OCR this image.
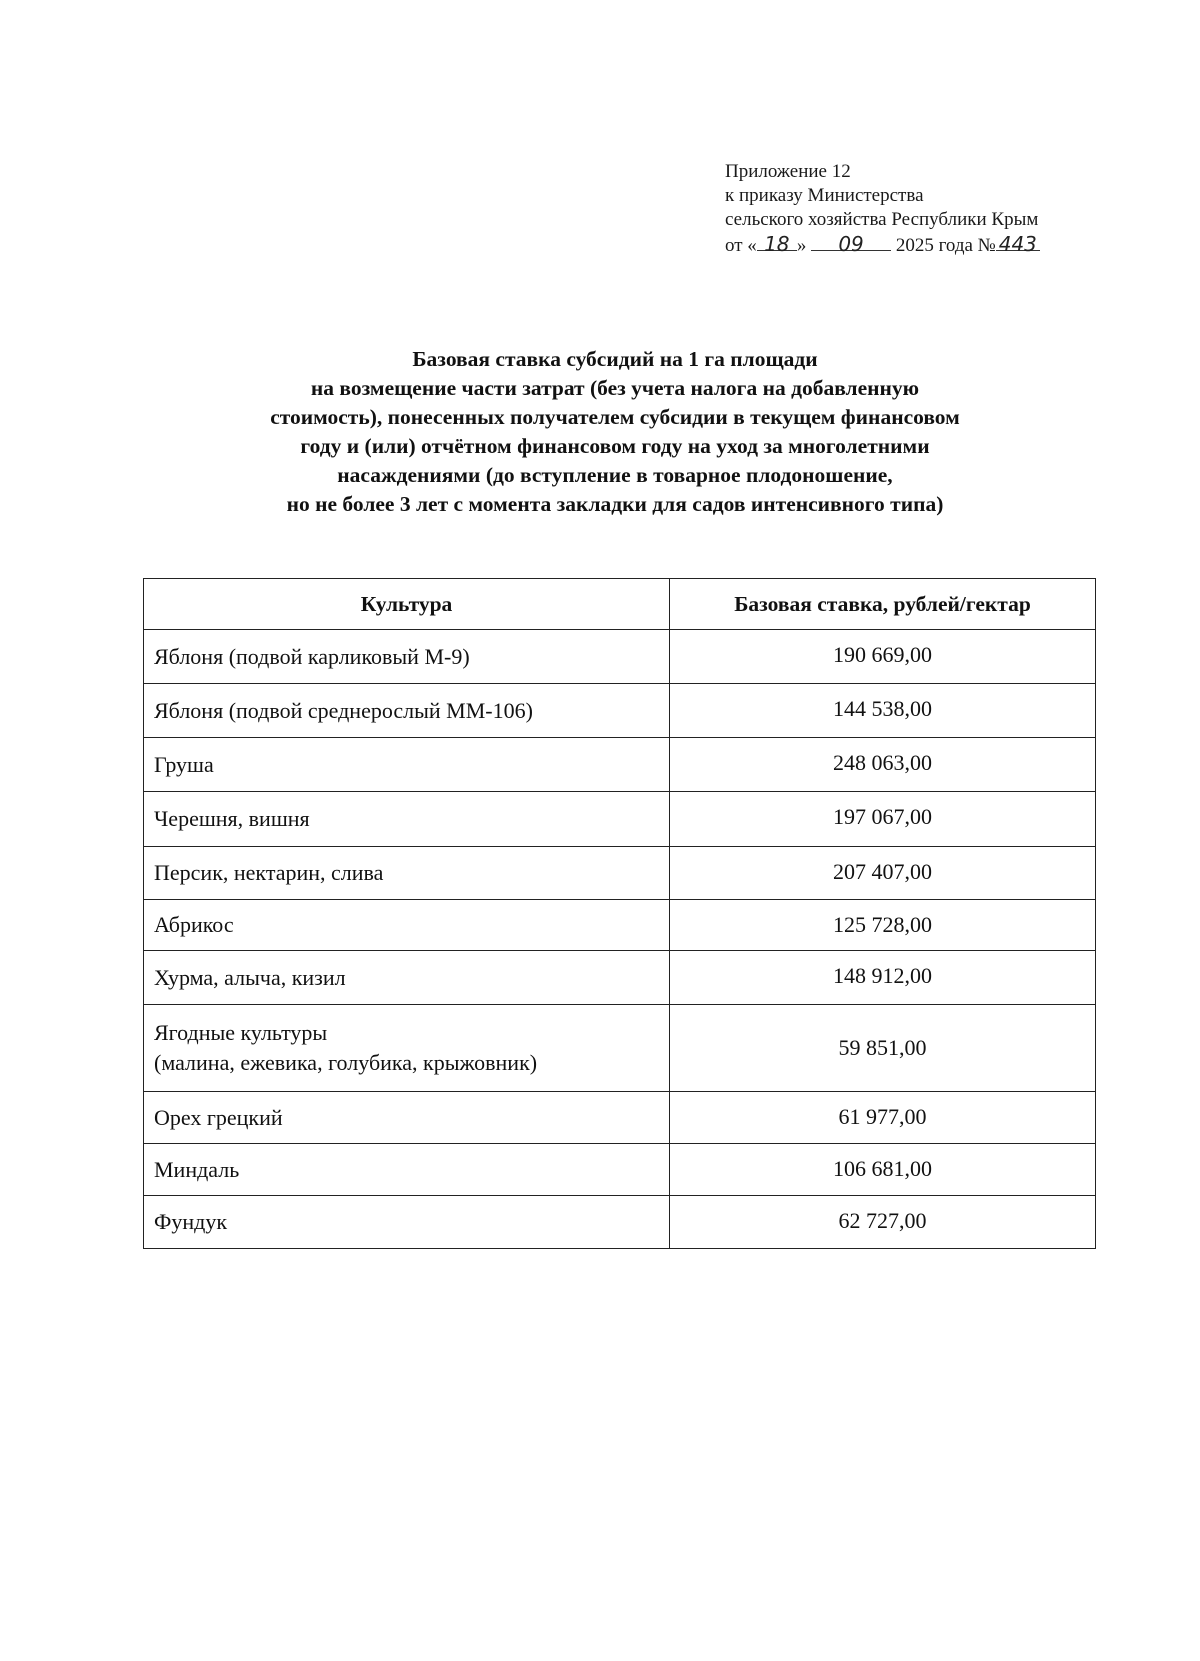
Приложение 12
к приказу Министерства
сельского хозяйства Республики Крым
от « 18 » 09 2025 года № 443
Базовая ставка субсидий на 1 га площади
на возмещение части затрат (без учета налога на добавленную
стоимость), понесенных получателем субсидии в текущем финансовом
году и (или) отчётном финансовом году на уход за многолетними
насаждениями (до вступление в товарное плодоношение,
но не более 3 лет с момента закладки для садов интенсивного типа)
Культура	Базовая ставка, рублей/гектар
Яблоня (подвой карликовый М-9)	190 669,00
Яблоня (подвой среднерослый ММ-106)	144 538,00
Груша	248 063,00
Черешня, вишня	197 067,00
Персик, нектарин, слива	207 407,00
Абрикос	125 728,00
Хурма, алыча, кизил	148 912,00

Ягодные культуры
(малина, ежевика, голубика, крыжовник)	59 851,00
Орех грецкий	61 977,00
Миндаль	106 681,00
Фундук	62 727,00
